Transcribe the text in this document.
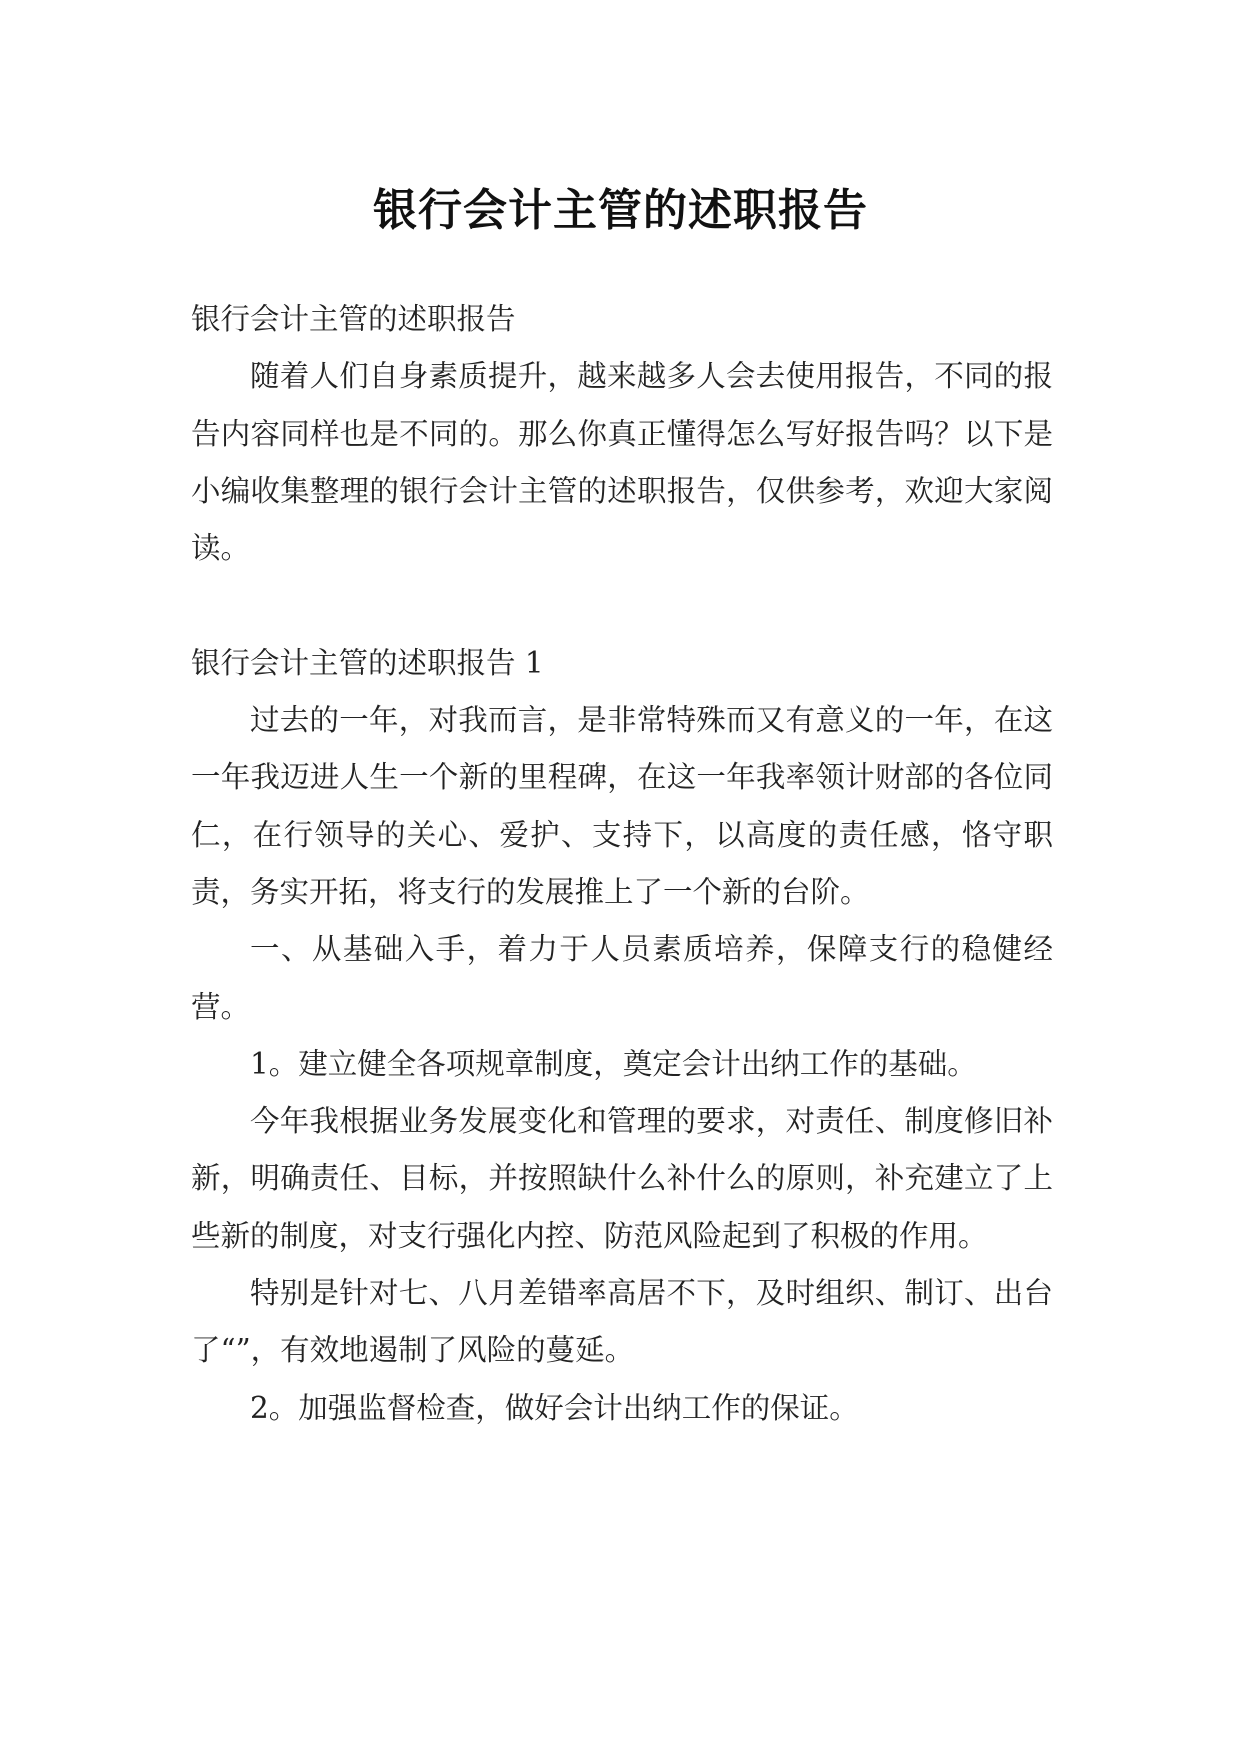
银行会计主管的述职报告

银行会计主管的述职报告

随着人们自身素质提升，越来越多人会去使用报告，不同的报告内容同样也是不同的。那么你真正懂得怎么写好报告吗？以下是小编收集整理的银行会计主管的述职报告，仅供参考，欢迎大家阅读。

银行会计主管的述职报告 1

过去的一年，对我而言，是非常特殊而又有意义的一年，在这一年我迈进人生一个新的里程碑，在这一年我率领计财部的各位同仁，在行领导的关心、爱护、支持下，以高度的责任感，恪守职责，务实开拓，将支行的发展推上了一个新的台阶。

一、从基础入手，着力于人员素质培养，保障支行的稳健经营。

1。建立健全各项规章制度，奠定会计出纳工作的基础。

今年我根据业务发展变化和管理的要求，对责任、制度修旧补新，明确责任、目标，并按照缺什么补什么的原则，补充建立了上些新的制度，对支行强化内控、防范风险起到了积极的作用。

特别是针对七、八月差错率高居不下，及时组织、制订、出台了“”，有效地遏制了风险的蔓延。

2。加强监督检查，做好会计出纳工作的保证。
